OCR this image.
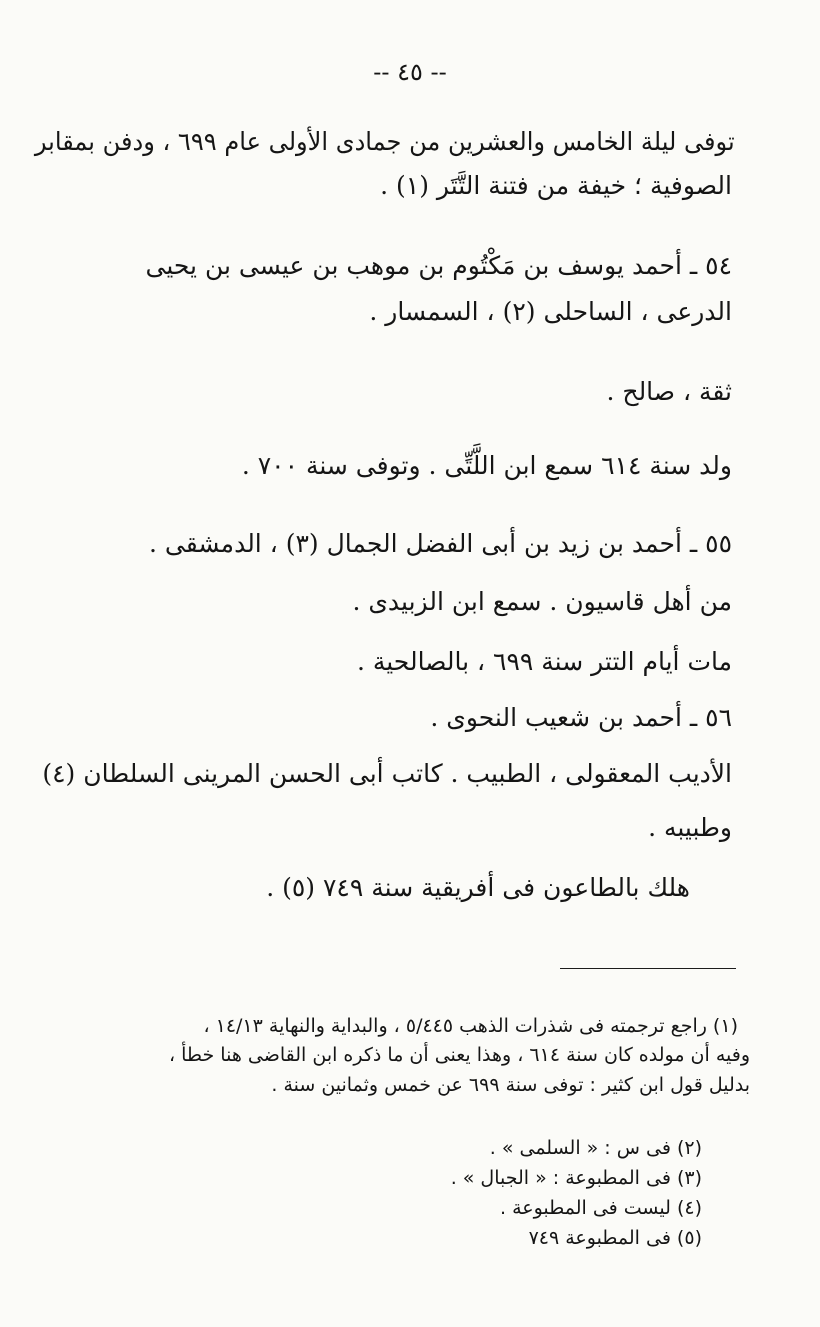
-- ٤٥ --
توفى ليلة الخامس والعشرين من جمادى الأولى عام ٦٩٩ ، ودفن بمقابر
الصوفية ؛ خيفة من فتنة التَّتَر (١) .
٥٤ ـ أحمد يوسف بن مَكْتُوم بن موهب بن عيسى بن يحيى
الدرعى ، الساحلى (٢) ، السمسار .
ثقة ، صالح .
ولد سنة ٦١٤ سمع ابن اللَّتِّى . وتوفى سنة ٧٠٠ .
٥٥ ـ أحمد بن زيد بن أبى الفضل الجمال (٣) ، الدمشقى .
من أهل قاسيون . سمع ابن الزبيدى .
مات أيام التتر سنة ٦٩٩ ، بالصالحية .
٥٦ ـ أحمد بن شعيب النحوى .
الأديب المعقولى ، الطبيب . كاتب أبى الحسن المرينى السلطان (٤)
وطبيبه .
هلك بالطاعون فى أفريقية سنة ٧٤٩ (٥) .
(١) راجع ترجمته فى شذرات الذهب ٥/٤٤٥ ، والبداية والنهاية ١٤/١٣ ،
وفيه أن مولده كان سنة ٦١٤ ، وهذا يعنى أن ما ذكره ابن القاضى هنا خطأ ،
بدليل قول ابن كثير : توفى سنة ٦٩٩ عن خمس وثمانين سنة .
(٢) فى س : « السلمى » .
(٣) فى المطبوعة : « الجبال » .
(٤) ليست فى المطبوعة .
(٥) فى المطبوعة ٧٤٩
